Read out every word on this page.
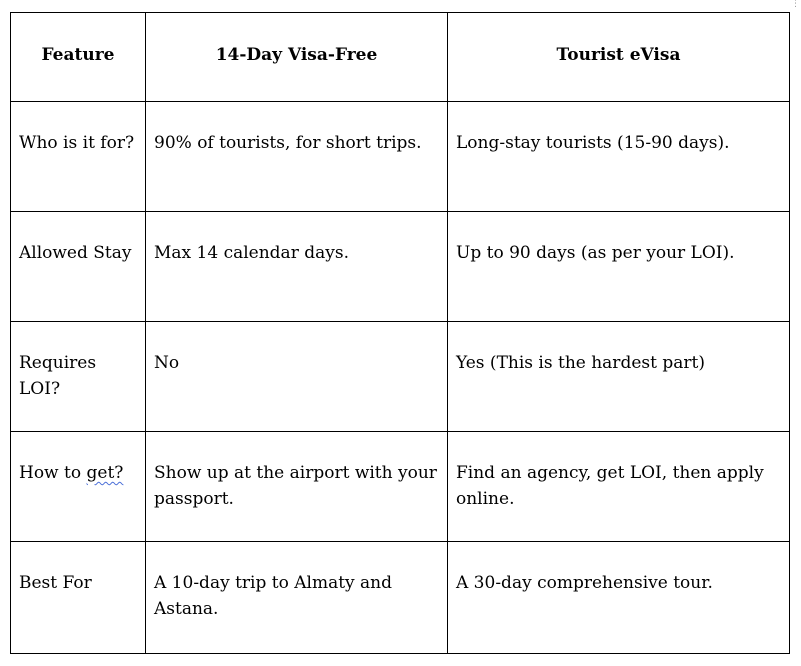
⋮
Feature	14-Day Visa-Free	Tourist eVisa
Who is it for?	90% of tourists, for short trips.	Long-stay tourists (15-90 days).
Allowed Stay	Max 14 calendar days.	Up to 90 days (as per your LOI).
Requires LOI?	No	Yes (This is the hardest part)
How to get?	Show up at the airport with your passport.	Find an agency, get LOI, then apply online.
Best For	A 10-day trip to Almaty and Astana.	A 30-day comprehensive tour.
